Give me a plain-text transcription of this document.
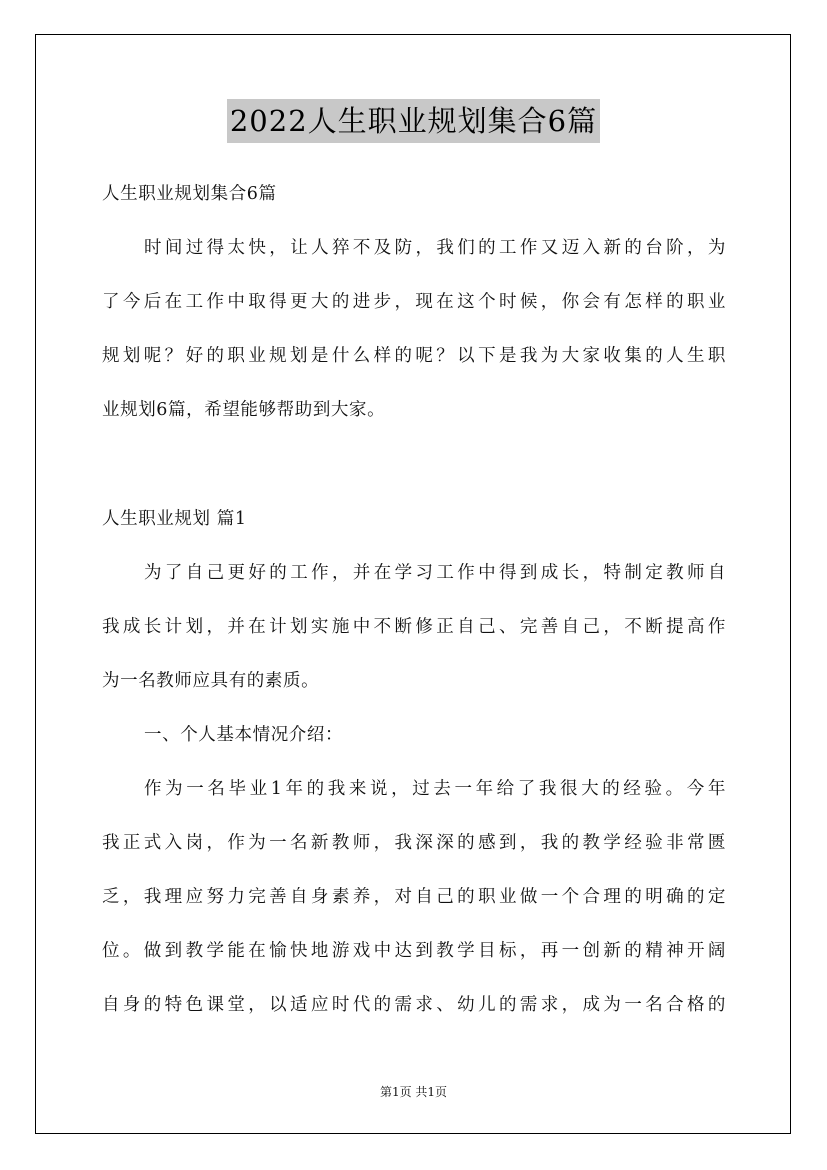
2022人生职业规划集合6篇
人生职业规划集合6篇
时间过得太快，让人猝不及防，我们的工作又迈入新的台阶，为
了今后在工作中取得更大的进步，现在这个时候，你会有怎样的职业
规划呢？好的职业规划是什么样的呢？以下是我为大家收集的人生职
业规划6篇，希望能够帮助到大家。
人生职业规划 篇1
为了自己更好的工作，并在学习工作中得到成长，特制定教师自
我成长计划，并在计划实施中不断修正自己、完善自己，不断提高作
为一名教师应具有的素质。
一、个人基本情况介绍：
作为一名毕业1年的我来说，过去一年给了我很大的经验。今年
我正式入岗，作为一名新教师，我深深的感到，我的教学经验非常匮
乏，我理应努力完善自身素养，对自己的职业做一个合理的明确的定
位。做到教学能在愉快地游戏中达到教学目标，再一创新的精神开阔
自身的特色课堂，以适应时代的需求、幼儿的需求，成为一名合格的
第1页 共1页
